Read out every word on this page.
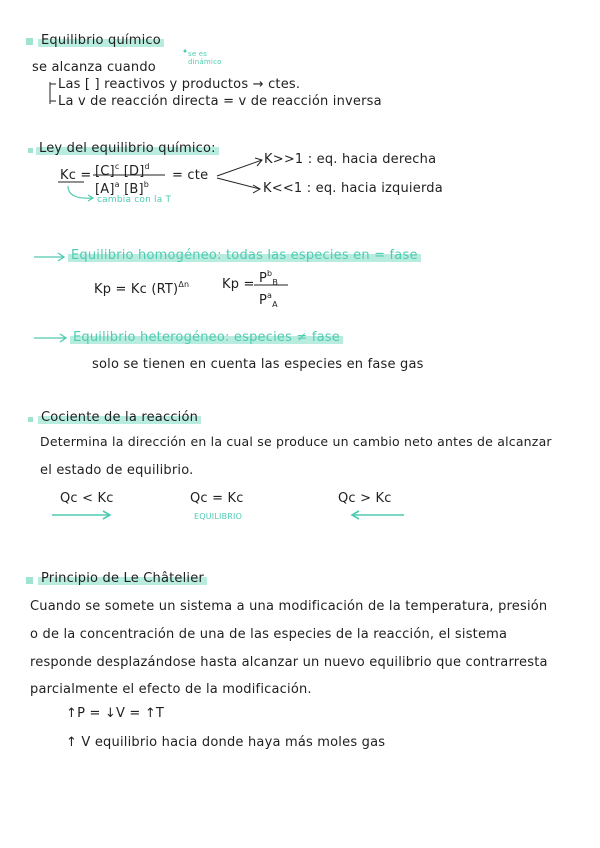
Equilibrio químico
se es dinámico
se alcanza cuando
Las [ ] reactivos y productos → ctes.
La v de reacción directa = v de reacción inversa
Ley del equilibrio químico:
$Kc = [C]^c$ $[D]^d$
$[A]^a$ $[B]^b$
= cte
K>>1 : eq. hacia derecha
K<<1 : eq. hacia izquierda
cambia con la T
Equilibrio homogéneo: todas las especies en = fase
Kp = Kc (RT)$^{\Delta n}$	$Kp = P^b_B$
$P^a_A$
Equilibrio heterogéneo: especies ≠ fase
solo se tienen en cuenta las especies en fase gas
Cociente de la reacción
Determina la dirección en la cual se produce un cambio neto antes de alcanzar
el estado de equilibrio.
Qc < Kc	Qc = Kc
EQUILIBRIO
Qc > Kc
Principio de Le Châtelier
Cuando se somete un sistema a una modificación de la temperatura, presión
o de la concentración de una de las especies de la reacción, el sistema
responde desplazándose hasta alcanzar un nuevo equilibrio que contrarresta
parcialmente el efecto de la modificación.
↑P = ↓V = ↑T
↑ V equilibrio hacia donde haya más moles gas
